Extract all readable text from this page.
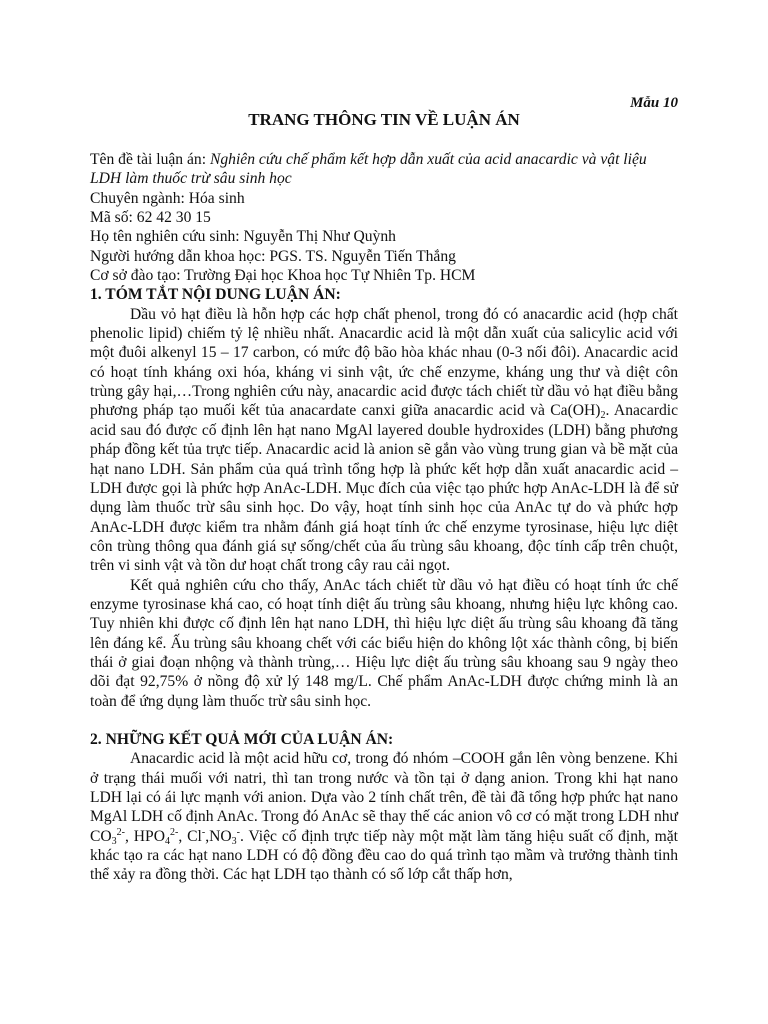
Mẫu 10
TRANG THÔNG TIN VỀ LUẬN ÁN

Tên đề tài luận án: Nghiên cứu chế phẩm kết hợp dẫn xuất của acid anacardic và vật liệu LDH làm thuốc trừ sâu sinh học

Chuyên ngành: Hóa sinh

Mã số: 62 42 30 15

Họ tên nghiên cứu sinh: Nguyễn Thị Như Quỳnh

Người hướng dẫn khoa học: PGS. TS. Nguyễn Tiến Thắng

Cơ sở đào tạo: Trường Đại học Khoa học Tự Nhiên Tp. HCM

1. TÓM TẮT NỘI DUNG LUẬN ÁN:

Dầu vỏ hạt điều là hỗn hợp các hợp chất phenol, trong đó có anacardic acid (hợp chất phenolic lipid) chiếm tỷ lệ nhiều nhất. Anacardic acid là một dẫn xuất của salicylic acid với một đuôi alkenyl 15 – 17 carbon, có mức độ bão hòa khác nhau (0-3 nối đôi). Anacardic acid có hoạt tính kháng oxi hóa, kháng vi sinh vật, ức chế enzyme, kháng ung thư và diệt côn trùng gây hại,…Trong nghiên cứu này, anacardic acid được tách chiết từ dầu vỏ hạt điều bằng phương pháp tạo muối kết tủa anacardate canxi giữa anacardic acid và $Ca(OH)_2$. Anacardic acid sau đó được cố định lên hạt nano MgAl layered double hydroxides (LDH) bằng phương pháp đồng kết tủa trực tiếp. Anacardic acid là anion sẽ gắn vào vùng trung gian và bề mặt của hạt nano LDH. Sản phẩm của quá trình tổng hợp là phức kết hợp dẫn xuất anacardic acid –LDH được gọi là phức hợp AnAc-LDH. Mục đích của việc tạo phức hợp AnAc-LDH là để sử dụng làm thuốc trừ sâu sinh học. Do vậy, hoạt tính sinh học của AnAc tự do và phức hợp AnAc-LDH được kiểm tra nhằm đánh giá hoạt tính ức chế enzyme tyrosinase, hiệu lực diệt côn trùng thông qua đánh giá sự sống/chết của ấu trùng sâu khoang, độc tính cấp trên chuột, trên vi sinh vật và tồn dư hoạt chất trong cây rau cải ngọt.

Kết quả nghiên cứu cho thấy, AnAc tách chiết từ dầu vỏ hạt điều có hoạt tính ức chế enzyme tyrosinase khá cao, có hoạt tính diệt ấu trùng sâu khoang, nhưng hiệu lực không cao. Tuy nhiên khi được cố định lên hạt nano LDH, thì hiệu lực diệt ấu trùng sâu khoang đã tăng lên đáng kể. Ấu trùng sâu khoang chết với các biểu hiện do không lột xác thành công, bị biến thái ở giai đoạn nhộng và thành trùng,… Hiệu lực diệt ấu trùng sâu khoang sau 9 ngày theo dõi đạt 92,75% ở nồng độ xử lý 148 mg/L. Chế phẩm AnAc-LDH được chứng minh là an toàn để ứng dụng làm thuốc trừ sâu sinh học.

2. NHỮNG KẾT QUẢ MỚI CỦA LUẬN ÁN:

Anacardic acid là một acid hữu cơ, trong đó nhóm –COOH gắn lên vòng benzene. Khi ở trạng thái muối với natri, thì tan trong nước và tồn tại ở dạng anion. Trong khi hạt nano LDH lại có ái lực mạnh với anion. Dựa vào 2 tính chất trên, đề tài đã tổng hợp phức hạt nano MgAl LDH cố định AnAc. Trong đó AnAc sẽ thay thế các anion vô cơ có mặt trong LDH như $CO_3^{2-}$, $HPO_4^{2-}$, $Cl^-,NO_3^-$. Việc cố định trực tiếp này một mặt làm tăng hiệu suất cố định, mặt khác tạo ra các hạt nano LDH có độ đồng đều cao do quá trình tạo mầm và trưởng thành tinh thể xảy ra đồng thời. Các hạt LDH tạo thành có số lớp cắt thấp hơn,
